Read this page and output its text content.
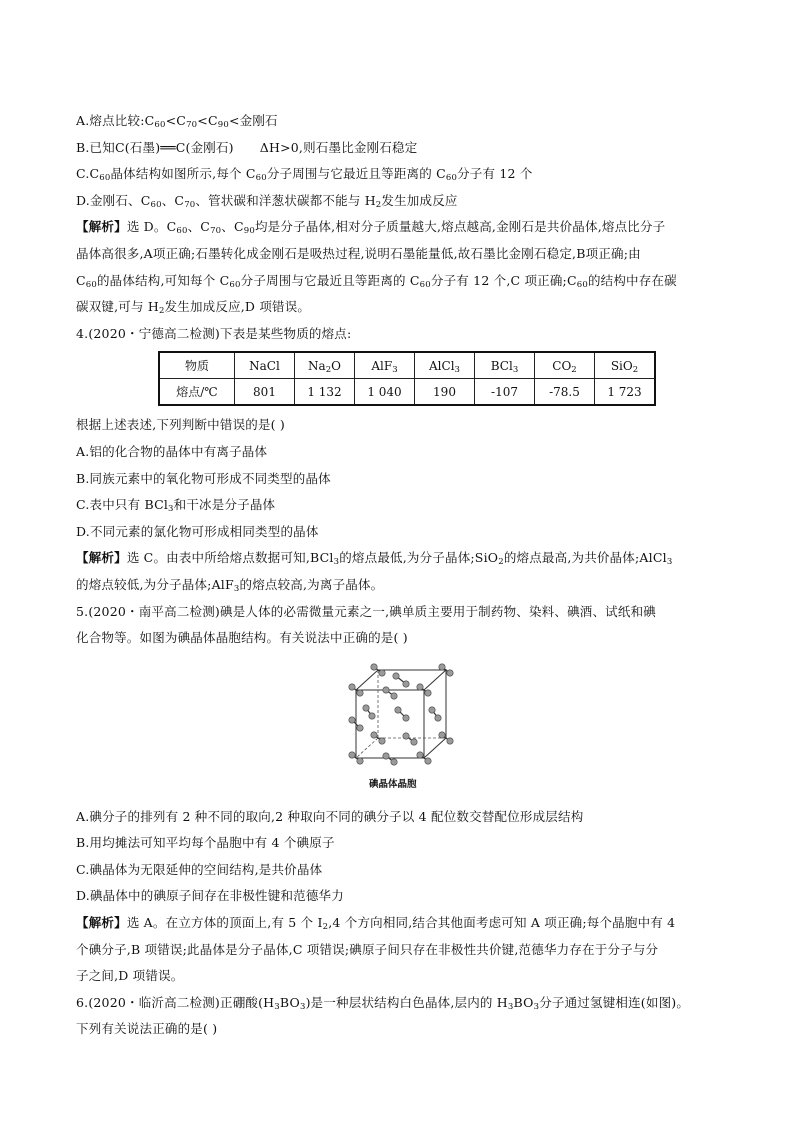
A.熔点比较$:C_{60}<C_{70}<C_{90}<$金刚石
B.已知C(石墨)══C(金刚石) ΔH>0,则石墨比金刚石稳定
$C.C_{60}$晶体结构如图所示,每个 $C_{60}$分子周围与它最近且等距离的 $C_{60}$分子有 12 个
D.金刚石、$C_{60}$、$C_{70}$、管状碳和洋葱状碳都不能与 $H_2$发生加成反应
【解析】选 D。$C_{60}$、$C_{70}$、$C_{90}$均是分子晶体,相对分子质量越大,熔点越高,金刚石是共价晶体,熔点比分子
晶体高很多,A项正确;石墨转化成金刚石是吸热过程,说明石墨能量低,故石墨比金刚石稳定,B项正确;由
$C_{60}$的晶体结构,可知每个 $C_{60}$分子周围与它最近且等距离的 $C_{60}$分子有 12 个,C 项正确$;C_{60}$的结构中存在碳
碳双键,可与 $H_2$发生加成反应,D 项错误。
4.(2020・宁德高二检测)下表是某些物质的熔点:
物质	NaCl	$Na_2O$	AlF$_3$	AlCl$_3$	BCl$_3$	$CO_2$	SiO$_2$
熔点/℃	801	1 132	1 040	190	-107	-78.5	1 723
根据上述表述,下列判断中错误的是( )
A.铝的化合物的晶体中有离子晶体
B.同族元素中的氧化物可形成不同类型的晶体
C.表中只有 BCl$_3$和干冰是分子晶体
D.不同元素的氯化物可形成相同类型的晶体
【解析】选 C。由表中所给熔点数据可知,BCl$_3$的熔点最低,为分子晶体;SiO$_2$的熔点最高,为共价晶体;AlCl$_3$
的熔点较低,为分子晶体;AlF$_3$的熔点较高,为离子晶体。
5.(2020・南平高二检测)碘是人体的必需微量元素之一,碘单质主要用于制药物、染料、碘酒、试纸和碘
化合物等。如图为碘晶体晶胞结构。有关说法中正确的是( )
碘晶体晶胞
A.碘分子的排列有 2 种不同的取向,2 种取向不同的碘分子以 4 配位数交替配位形成层结构
B.用均摊法可知平均每个晶胞中有 4 个碘原子
C.碘晶体为无限延伸的空间结构,是共价晶体
D.碘晶体中的碘原子间存在非极性键和范德华力
【解析】选 A。在立方体的顶面上,有 5 个 $I_2,4$ 个方向相同,结合其他面考虑可知 A 项正确;每个晶胞中有 4
个碘分子,B 项错误;此晶体是分子晶体,C 项错误;碘原子间只存在非极性共价键,范德华力存在于分子与分
子之间,D 项错误。
6.(2020・临沂高二检测)正硼酸$(H_3BO_3)$是一种层状结构白色晶体,层内的 $H_3BO_3$分子通过氢键相连(如图)。
下列有关说法正确的是( )
